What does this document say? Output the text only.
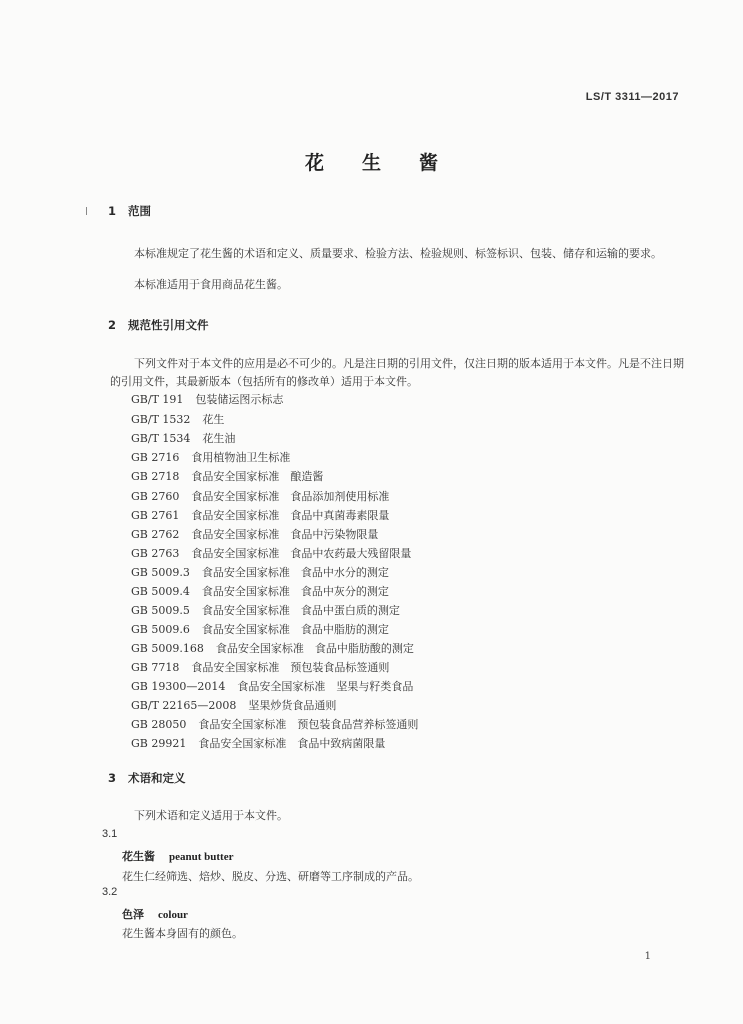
LS/T 3311—2017
花　　生　　酱
1 范围
本标准规定了花生酱的术语和定义、质量要求、检验方法、检验规则、标签标识、包装、储存和运输的要求。
本标准适用于食用商品花生酱。
2 规范性引用文件
下列文件对于本文件的应用是必不可少的。凡是注日期的引用文件，仅注日期的版本适用于本文件。凡是不注日期的引用文件，其最新版本（包括所有的修改单）适用于本文件。
GB/T 191 包装储运图示标志
GB/T 1532 花生
GB/T 1534 花生油
GB 2716 食用植物油卫生标准
GB 2718 食品安全国家标准　酿造酱
GB 2760 食品安全国家标准　食品添加剂使用标准
GB 2761 食品安全国家标准　食品中真菌毒素限量
GB 2762 食品安全国家标准　食品中污染物限量
GB 2763 食品安全国家标准　食品中农药最大残留限量
GB 5009.3 食品安全国家标准　食品中水分的测定
GB 5009.4 食品安全国家标准　食品中灰分的测定
GB 5009.5 食品安全国家标准　食品中蛋白质的测定
GB 5009.6 食品安全国家标准　食品中脂肪的测定
GB 5009.168 食品安全国家标准　食品中脂肪酸的测定
GB 7718 食品安全国家标准　预包装食品标签通则
GB 19300—2014 食品安全国家标准　坚果与籽类食品
GB/T 22165—2008 坚果炒货食品通则
GB 28050 食品安全国家标准　预包装食品营养标签通则
GB 29921 食品安全国家标准　食品中致病菌限量
3 术语和定义
下列术语和定义适用于本文件。
3.1
花生酱 peanut butter
花生仁经筛选、焙炒、脱皮、分选、研磨等工序制成的产品。
3.2
色泽 colour
花生酱本身固有的颜色。
1
